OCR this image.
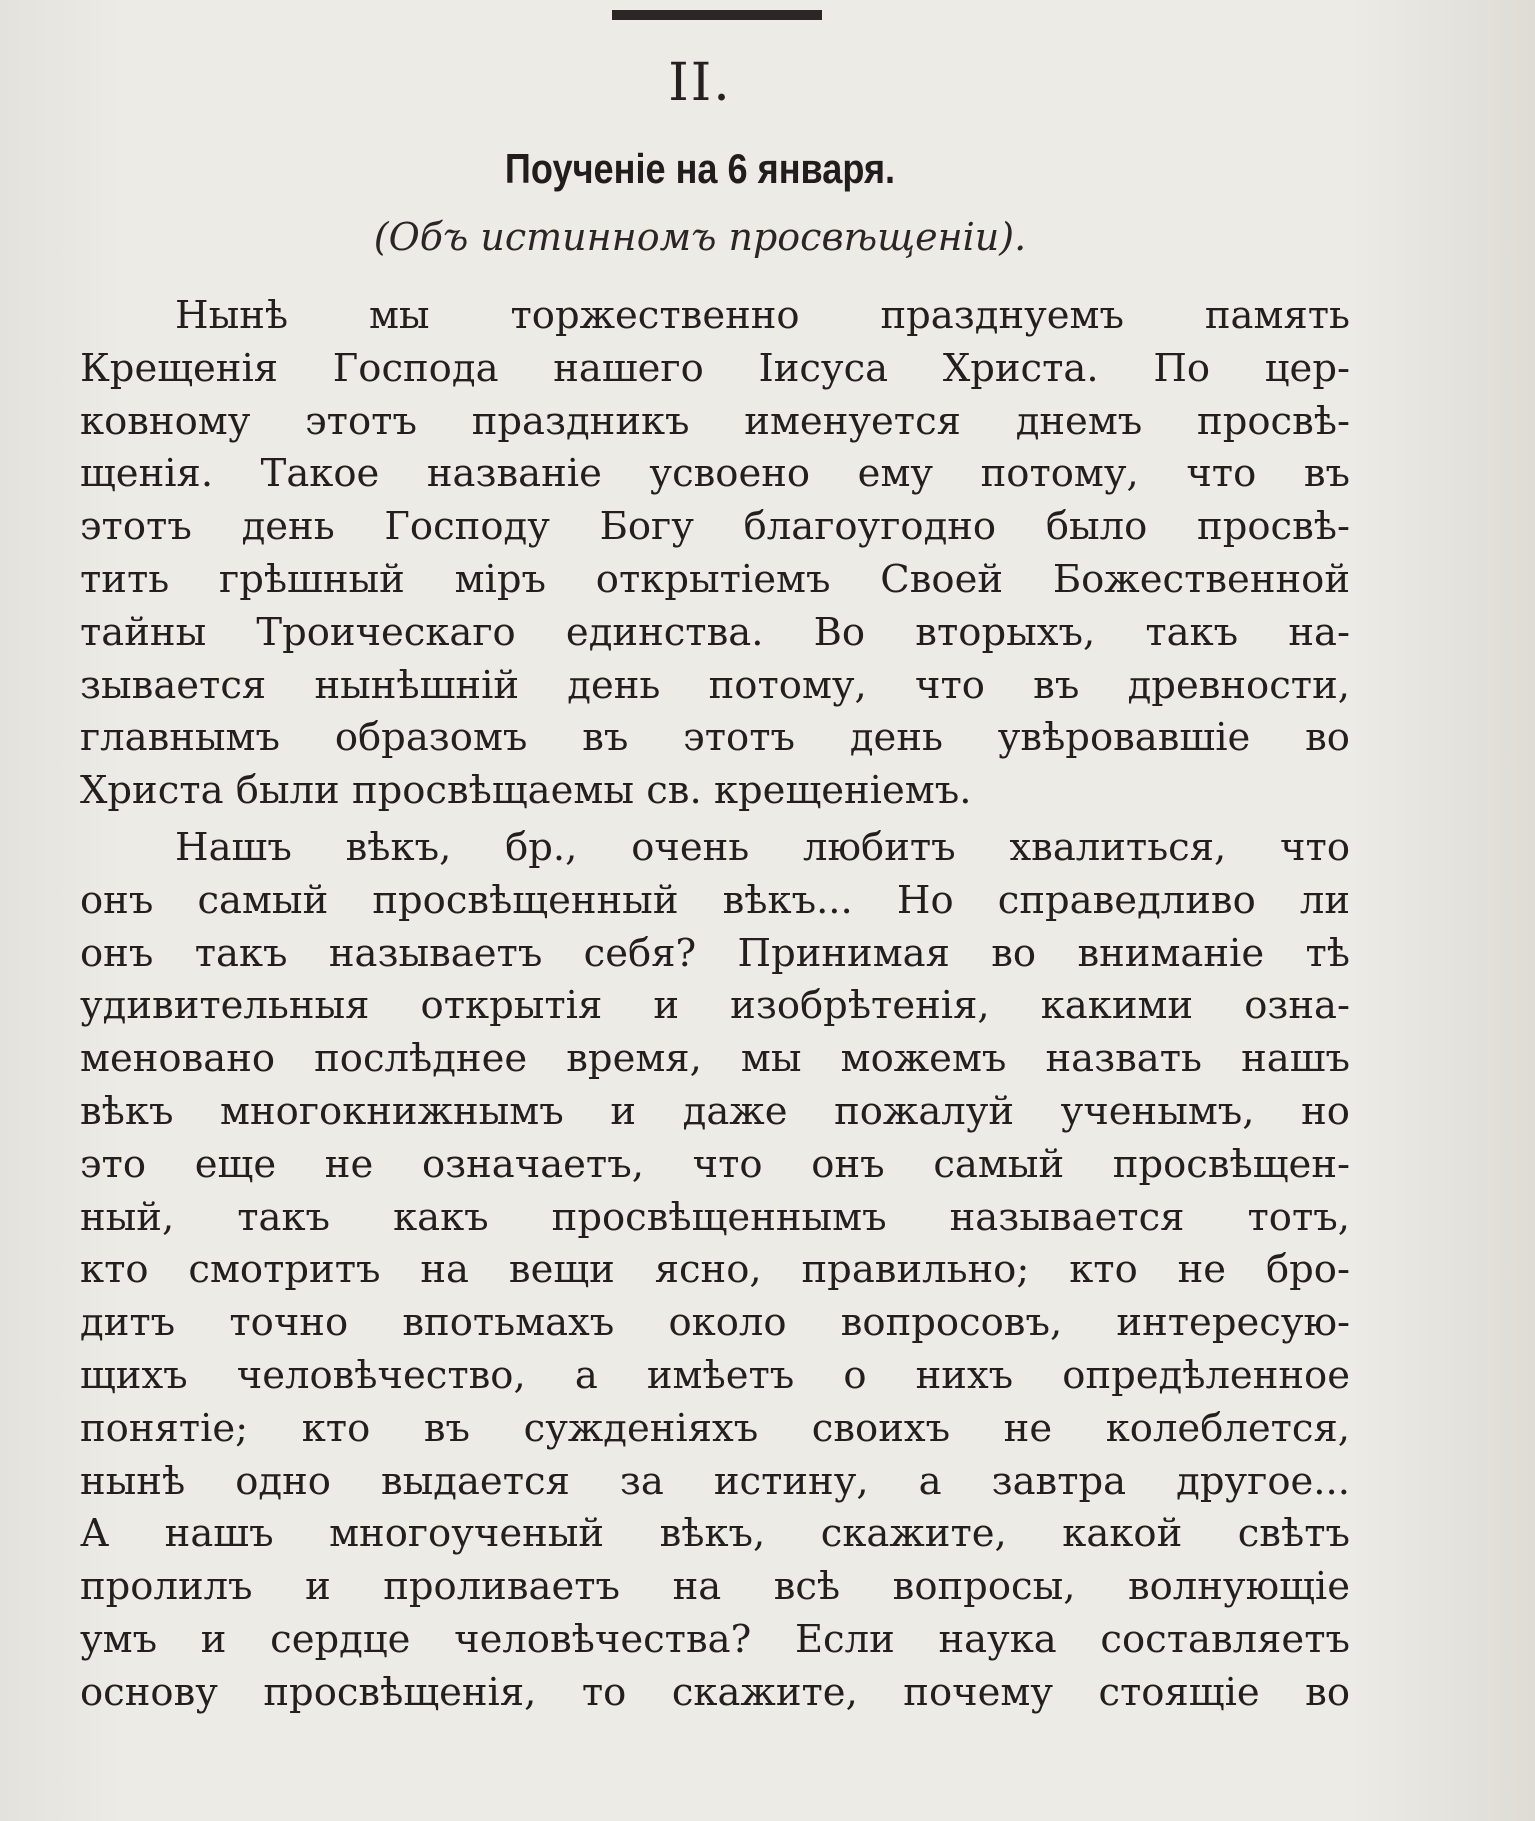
II.
Поученіе на 6 января.
(Объ истинномъ просвѣщеніи).
Нынѣ мы торжественно празднуемъ память
Крещенія Господа нашего Іисуса Христа. По цер-
ковному этотъ праздникъ именуется днемъ просвѣ-
щенія. Такое названіе усвоено ему потому, что въ
этотъ день Господу Богу благоугодно было просвѣ-
тить грѣшный міръ открытіемъ Своей Божественной
тайны Троическаго единства. Во вторыхъ, такъ на-
зывается нынѣшній день потому, что въ древности,
главнымъ образомъ въ этотъ день увѣровавшіе во
Христа были просвѣщаемы св. крещеніемъ.
Нашъ вѣкъ, бр., очень любитъ хвалиться, что
онъ самый просвѣщенный вѣкъ... Но справедливо ли
онъ такъ называетъ себя? Принимая во вниманіе тѣ
удивительныя открытія и изобрѣтенія, какими озна-
меновано послѣднее время, мы можемъ назвать нашъ
вѣкъ многокнижнымъ и даже пожалуй ученымъ, но
это еще не означаетъ, что онъ самый просвѣщен-
ный, такъ какъ просвѣщеннымъ называется тотъ,
кто смотритъ на вещи ясно, правильно; кто не бро-
дитъ точно впотьмахъ около вопросовъ, интересую-
щихъ человѣчество, а имѣетъ о нихъ опредѣленное
понятіе; кто въ сужденіяхъ своихъ не колеблется,
нынѣ одно выдается за истину, а завтра другое...
А нашъ многоученый вѣкъ, скажите, какой свѣтъ
пролилъ и проливаетъ на всѣ вопросы, волнующіе
умъ и сердце человѣчества? Если наука составляетъ
основу просвѣщенія, то скажите, почему стоящіе во
